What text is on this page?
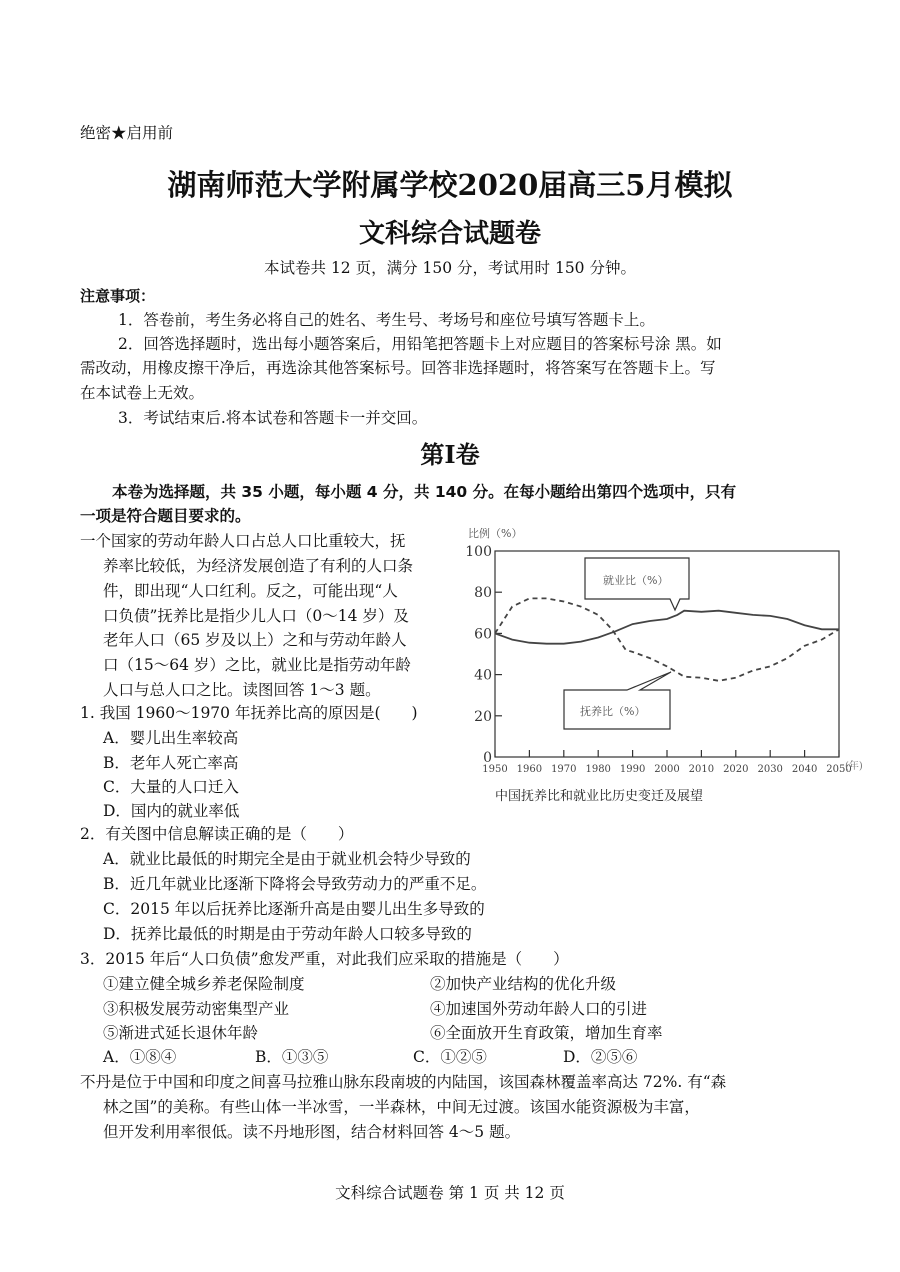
绝密★启用前
湖南师范大学附属学校2020届高三5月模拟
文科综合试题卷
本试卷共 12 页，满分 150 分，考试用时 150 分钟。
注意事项：
1．答卷前，考生务必将自己的姓名、考生号、考场号和座位号填写答题卡上。
2．回答选择题时，选出每小题答案后，用铅笔把答题卡上对应题目的答案标号涂 黑。如
需改动，用橡皮擦干净后，再选涂其他答案标号。回答非选择题时，将答案写在答题卡上。写
在本试卷上无效。
3．考试结束后.将本试卷和答题卡一并交回。
第Ⅰ卷
本卷为选择题，共 35 小题，每小题 4 分，共 140 分。在每小题给出第四个选项中，只有
一项是符合题目要求的。
一个国家的劳动年龄人口占总人口比重较大，抚
养率比较低，为经济发展创造了有利的人口条
件，即出现“人口红利。反之，可能出现“人
口负债”抚养比是指少儿人口（0～14 岁）及
老年人口（65 岁及以上）之和与劳动年龄人
口（15～64 岁）之比，就业比是指劳动年龄
人口与总人口之比。读图回答 1～3 题。
1. 我国 1960～1970 年抚养比高的原因是(　　)
A．婴儿出生率较高
B．老年人死亡率高
C．大量的人口迁入
D．国内的就业率低
2．有关图中信息解读正确的是（　　）
A．就业比最低的时期完全是由于就业机会特少导致的
B．近几年就业比逐渐下降将会导致劳动力的严重不足。
C．2015 年以后抚养比逐渐升高是由婴儿出生多导致的
D．抚养比最低的时期是由于劳动年龄人口较多导致的
3．2015 年后“人口负债”愈发严重，对此我们应采取的措施是（　　）
①建立健全城乡养老保险制度	②加快产业结构的优化升级
③积极发展劳动密集型产业	④加速国外劳动年龄人口的引进
⑤渐进式延长退休年龄	⑥全面放开生育政策，增加生育率
A．①⑧④	B．①③⑤	C．①②⑤	D．②⑤⑥
不丹是位于中国和印度之间喜马拉雅山脉东段南坡的内陆国，该国森林覆盖率高达 72%. 有“森
林之国”的美称。有些山体一半冰雪，一半森林，中间无过渡。该国水能资源极为丰富，
但开发利用率很低。读不丹地形图，结合材料回答 4～5 题。
文科综合试题卷 第 1 页 共 12 页
比例（%）
1950 1960 1970 1980 1990 2000 2010 2020 2030 2040 2050
0
20
40
60
80
100
就业比（%）
抚养比（%）
(年)
中国抚养比和就业比历史变迁及展望
